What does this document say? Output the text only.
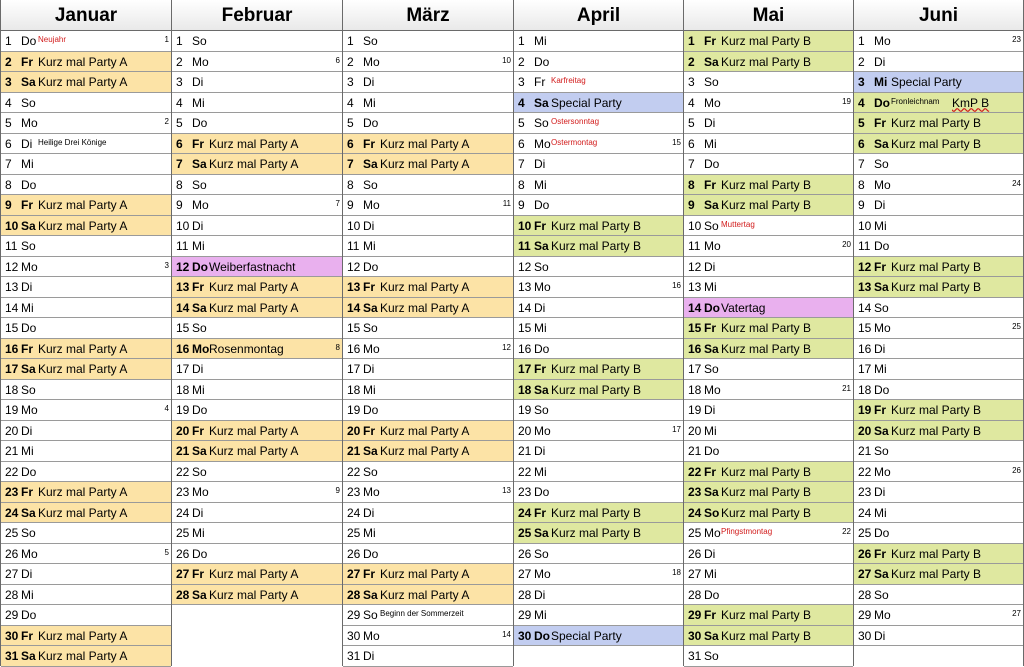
Januar
1 Do Neujahr	1
2 Fr Kurz mal Party A
3 Sa Kurz mal Party A
4 So
5 Mo	2
6 Di Heilige Drei Könige
7 Mi
8 Do
9 Fr Kurz mal Party A
10 Sa Kurz mal Party A
11 So
12 Mo	3
13 Di
14 Mi
15 Do
16 Fr Kurz mal Party A
17 Sa Kurz mal Party A
18 So
19 Mo	4
20 Di
21 Mi
22 Do
23 Fr Kurz mal Party A
24 Sa Kurz mal Party A
25 So
26 Mo	5
27 Di
28 Mi
29 Do
30 Fr Kurz mal Party A
31 Sa Kurz mal Party A
Februar
1 So
2 Mo	6
3 Di
4 Mi
5 Do
6 Fr Kurz mal Party A
7 Sa Kurz mal Party A
8 So
9 Mo	7
10 Di
11 Mi
12 Do Weiberfastnacht
13 Fr Kurz mal Party A
14 Sa Kurz mal Party A
15 So
16 Mo Rosenmontag	8
17 Di
18 Mi
19 Do
20 Fr Kurz mal Party A
21 Sa Kurz mal Party A
22 So
23 Mo	9
24 Di
25 Mi
26 Do
27 Fr Kurz mal Party A
28 Sa Kurz mal Party A
März
1 So
2 Mo	10
3 Di
4 Mi
5 Do
6 Fr Kurz mal Party A
7 Sa Kurz mal Party A
8 So
9 Mo	11
10 Di
11 Mi
12 Do
13 Fr Kurz mal Party A
14 Sa Kurz mal Party A
15 So
16 Mo	12
17 Di
18 Mi
19 Do
20 Fr Kurz mal Party A
21 Sa Kurz mal Party A
22 So
23 Mo	13
24 Di
25 Mi
26 Do
27 Fr Kurz mal Party A
28 Sa Kurz mal Party A
29 So Beginn der Sommerzeit
30 Mo	14
31 Di
April
1 Mi
2 Do
3 Fr Karfreitag
4 Sa Special Party
5 So Ostersonntag
6 Mo Ostermontag	15
7 Di
8 Mi
9 Do
10 Fr Kurz mal Party B
11 Sa Kurz mal Party B
12 So
13 Mo	16
14 Di
15 Mi
16 Do
17 Fr Kurz mal Party B
18 Sa Kurz mal Party B
19 So
20 Mo	17
21 Di
22 Mi
23 Do
24 Fr Kurz mal Party B
25 Sa Kurz mal Party B
26 So
27 Mo	18
28 Di
29 Mi
30 Do Special Party
Mai
1 Fr Kurz mal Party B
2 Sa Kurz mal Party B
3 So
4 Mo	19
5 Di
6 Mi
7 Do
8 Fr Kurz mal Party B
9 Sa Kurz mal Party B
10 So Muttertag
11 Mo	20
12 Di
13 Mi
14 Do Vatertag
15 Fr Kurz mal Party B
16 Sa Kurz mal Party B
17 So
18 Mo	21
19 Di
20 Mi
21 Do
22 Fr Kurz mal Party B
23 Sa Kurz mal Party B
24 So Kurz mal Party B
25 Mo Pfingstmontag	22
26 Di
27 Mi
28 Do
29 Fr Kurz mal Party B
30 Sa Kurz mal Party B
31 So
Juni
1 Mo	23
2 Di
3 Mi Special Party
4 Do Fronleichnam KmP B
5 Fr Kurz mal Party B
6 Sa Kurz mal Party B
7 So
8 Mo	24
9 Di
10 Mi
11 Do
12 Fr Kurz mal Party B
13 Sa Kurz mal Party B
14 So
15 Mo	25
16 Di
17 Mi
18 Do
19 Fr Kurz mal Party B
20 Sa Kurz mal Party B
21 So
22 Mo	26
23 Di
24 Mi
25 Do
26 Fr Kurz mal Party B
27 Sa Kurz mal Party B
28 So
29 Mo	27
30 Di
